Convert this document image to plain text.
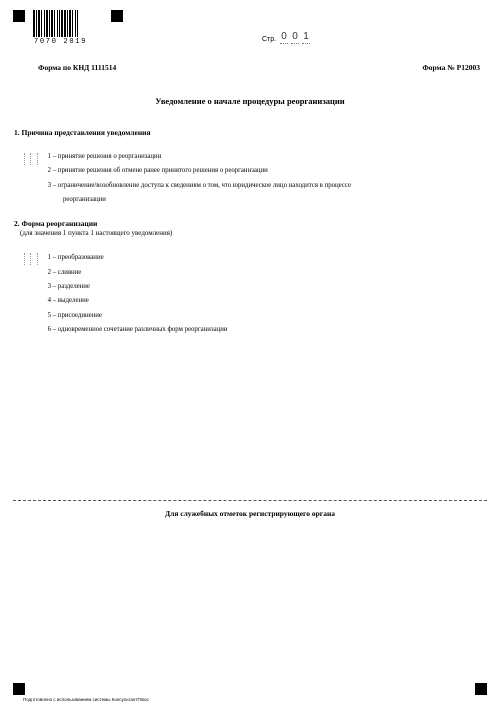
7070 2019	Стр. 0 0 1
Форма по КНД 1111514	Форма № Р12003
Уведомление о начале процедуры реорганизации
1. Причина представления уведомления
1 – принятие решения о реорганизации
2 – принятие решения об отмене ранее принятого решения о реорганизации
3 – ограничение/возобновление доступа к сведениям о том, что юридическое лицо находится в процессе
реорганизации
2. Форма реорганизации
(для значения 1 пункта 1 настоящего уведомления)
1 – преобразование
2 – слияние
3 – разделение
4 – выделение
5 – присоединение
6 – одновременное сочетание различных форм реорганизации
Для служебных отметок регистрирующего органа
Подготовлено с использованием системы КонсультантПлюс
